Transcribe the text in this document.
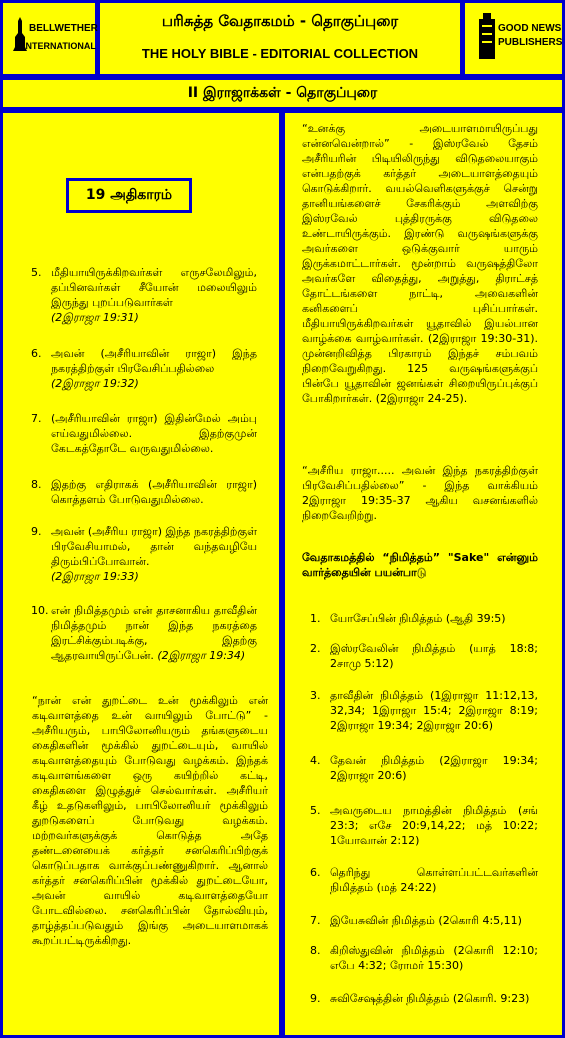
BELLWETHER
INTERNATIONAL
பரிசுத்த வேதாகமம் - தொகுப்புரை
THE HOLY BIBLE - EDITORIAL COLLECTION
GOOD NEWS
PUBLISHERS
II இராஜாக்கள் - தொகுப்புரை
19 அதிகாரம்
5. மீதியாயிருக்கிறவர்கள் எருசலேமிலும், தப்பினவர்கள் சீயோன் மலையிலும் இருந்து புறப்படுவார்கள்
(2இராஜா 19:31)
6. அவன் (அசீரியாவின் ராஜா) இந்த நகரத்திற்குள் பிரவேசிப்பதில்லை
(2இராஜா 19:32)
7. (அசீரியாவின் ராஜா) இதின்மேல் அம்பு எய்வதுமில்லை. இதற்குமுன் கேடகத்தோடே வருவதுமில்லை.
8. இதற்கு எதிராகக் (அசீரியாவின் ராஜா) கொத்தளம் போடுவதுமில்லை.
9. அவன் (அசீரிய ராஜா) இந்த நகரத்திற்குள் பிரவேசியாமல், தான் வந்தவழியே திரும்பிப்போவான்.
(2இராஜா 19:33)
10. என் நிமித்தமும் என் தாசனாகிய தாவீதின் நிமித்தமும் நான் இந்த நகரத்தை இரட்சிக்கும்படிக்கு, இதற்கு ஆதரவாயிருப்பேன். (2இராஜா 19:34)
“நான் என் துறட்டை உன் மூக்கிலும் என் கடிவாளத்தை உன் வாயிலும் போட்டு” - அசீரியரும், பாபிலோனியரும் தங்களுடைய கைதிகளின் மூக்கில் துறட்டையும், வாயில் கடிவாளத்தையும் போடுவது வழக்கம். இந்தக் கடிவாளங்களை ஒரு கயிற்றில் கட்டி, கைதிகளை இழுத்துச் செல்வார்கள். அசீரியர் கீழ் உதடுகளிலும், பாபிலோனியர் மூக்கிலும் துறடுகளைப் போடுவது வழக்கம். மற்றவர்களுக்குக் கொடுத்த அதே தண்டனையைக் கர்த்தர் சனகெரிப்பிற்குக் கொடுப்பதாக வாக்குப்பண்ணுகிறார். ஆனால் கர்த்தர் சனகெரிப்பின் மூக்கில் துறட்டையோ, அவன் வாயில் கடிவாளத்தையோ போடவில்லை. சனகெரிப்பின் தோல்வியும், தாழ்த்தப்படுவதும் இங்கு அடையாளமாகக் கூறப்பட்டிருக்கிறது.
“உனக்கு அடையாளமாயிருப்பது என்னவென்றால்” - இஸ்ரவேல் தேசம் அசீரியரின் பிடியிலிருந்து விடுதலையாகும் என்பதற்குக் கர்த்தர் அடையாளத்தையும் கொடுக்கிறார். வயல்வெளிகளுக்குச் சென்று தானியங்களைச் சேகரிக்கும் அளவிற்கு இஸ்ரவேல் புத்திரருக்கு விடுதலை உண்டாயிருக்கும். இரண்டு வருஷங்களுக்கு அவர்களை ஒடுக்குவார் யாரும் இருக்கமாட்டார்கள். மூன்றாம் வருஷத்திலோ அவர்களே விதைத்து, அறுத்து, திராட்சத் தோட்டங்களை நாட்டி, அவைகளின் கனிகளைப் புசிப்பார்கள். மீதியாயிருக்கிறவர்கள் யூதாவில் இயல்பான வாழ்க்கை வாழ்வார்கள். (2இராஜா 19:30-31). முன்னறிவித்த பிரகாரம் இந்தச் சம்பவம் நிறைவேறுகிறது. 125 வருஷங்களுக்குப் பின்பே யூதாவின் ஜனங்கள் சிறையிருப்புக்குப் போகிறார்கள். (2இராஜா 24-25).
“அசீரிய ராஜா..... அவன் இந்த நகரத்திற்குள் பிரவேசிப்பதில்லை” - இந்த வாக்கியம் 2இராஜா 19:35-37 ஆகிய வசனங்களில் நிறைவேறிற்று.
வேதாகமத்தில் “நிமித்தம்” "Sake" என்னும் வார்த்தையின் பயன்பாடு
1. யோசேப்பின் நிமித்தம் (ஆதி 39:5)
2. இஸ்ரவேலின் நிமித்தம் (யாத் 18:8; 2சாமு 5:12)
3. தாவீதின் நிமித்தம் (1இராஜா 11:12,13, 32,34; 1இராஜா 15:4; 2இராஜா 8:19; 2இராஜா 19:34; 2இராஜா 20:6)
4. தேவன் நிமித்தம் (2இராஜா 19:34; 2இராஜா 20:6)
5. அவருடைய நாமத்தின் நிமித்தம் (சங் 23:3; எசே 20:9,14,22; மத் 10:22; 1யோவான் 2:12)
6. தெரிந்து கொள்ளப்பட்டவர்களின் நிமித்தம் (மத் 24:22)
7. இயேசுவின் நிமித்தம் (2கொரி 4:5,11)
8. கிறிஸ்துவின் நிமித்தம் (2கொரி 12:10; எபே 4:32; ரோமர் 15:30)
9. சுவிசேஷத்தின் நிமித்தம் (2கொரி. 9:23)
